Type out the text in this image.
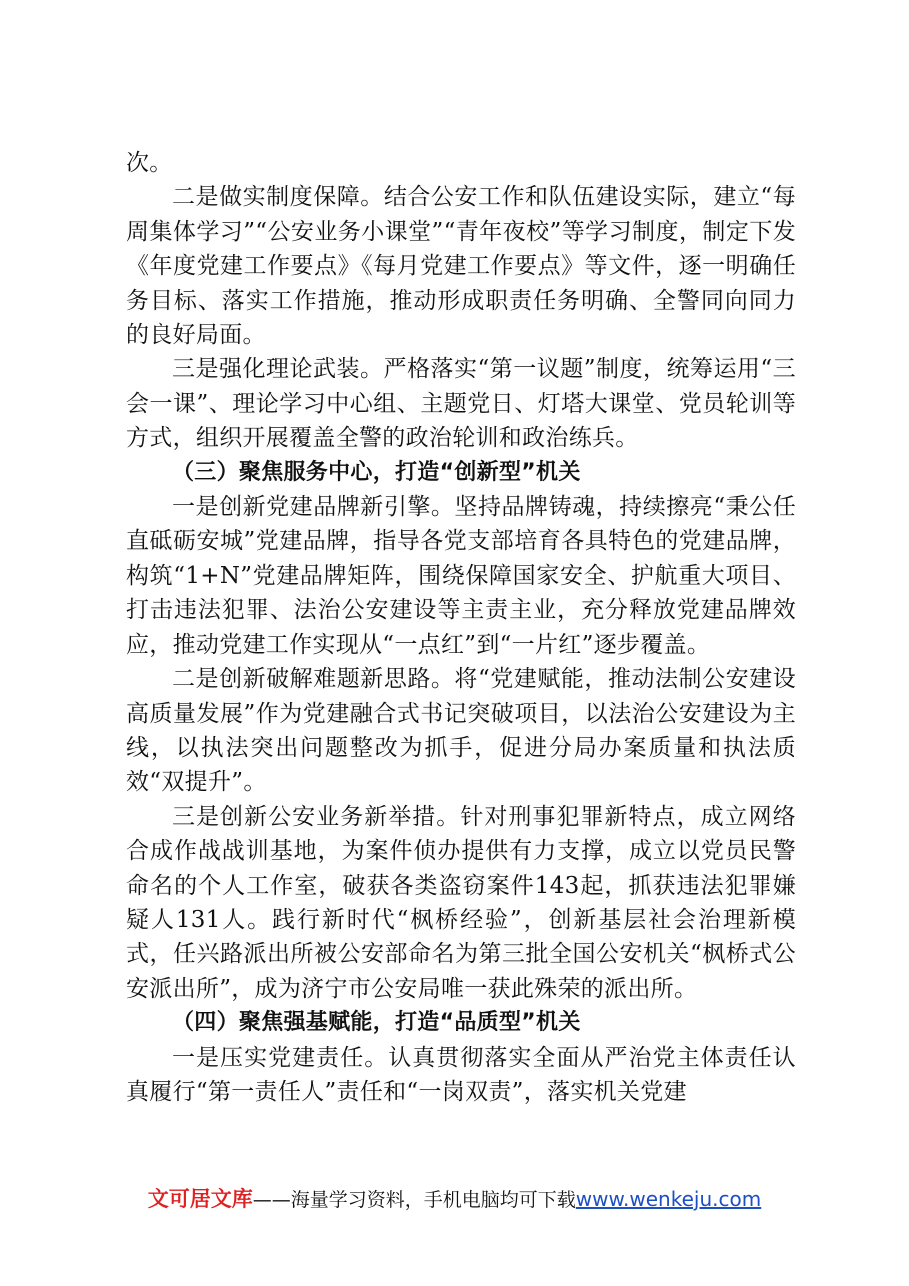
次。

二是做实制度保障。结合公安工作和队伍建设实际，建立“每周集体学习”“公安业务小课堂”“青年夜校”等学习制度，制定下发《年度党建工作要点》《每月党建工作要点》等文件，逐一明确任务目标、落实工作措施，推动形成职责任务明确、全警同向同力的良好局面。

三是强化理论武装。严格落实“第一议题”制度，统筹运用“三会一课”、理论学习中心组、主题党日、灯塔大课堂、党员轮训等方式，组织开展覆盖全警的政治轮训和政治练兵。

（三）聚焦服务中心，打造“创新型”机关

一是创新党建品牌新引擎。坚持品牌铸魂，持续擦亮“秉公任直砥砺安城”党建品牌，指导各党支部培育各具特色的党建品牌，构筑“1+N”党建品牌矩阵，围绕保障国家安全、护航重大项目、打击违法犯罪、法治公安建设等主责主业，充分释放党建品牌效应，推动党建工作实现从“一点红”到“一片红”逐步覆盖。

二是创新破解难题新思路。将“党建赋能，推动法制公安建设高质量发展”作为党建融合式书记突破项目，以法治公安建设为主线，以执法突出问题整改为抓手，促进分局办案质量和执法质效“双提升”。

三是创新公安业务新举措。针对刑事犯罪新特点，成立网络合成作战战训基地，为案件侦办提供有力支撑，成立以党员民警命名的个人工作室，破获各类盗窃案件143起，抓获违法犯罪嫌疑人131人。践行新时代“枫桥经验”，创新基层社会治理新模式，任兴路派出所被公安部命名为第三批全国公安机关“枫桥式公安派出所”，成为济宁市公安局唯一获此殊荣的派出所。

（四）聚焦强基赋能，打造“品质型”机关

一是压实党建责任。认真贯彻落实全面从严治党主体责任认真履行“第一责任人”责任和“一岗双责”，落实机关党建

文可居文库——海量学习资料，手机电脑均可下载www.wenkeju.com
